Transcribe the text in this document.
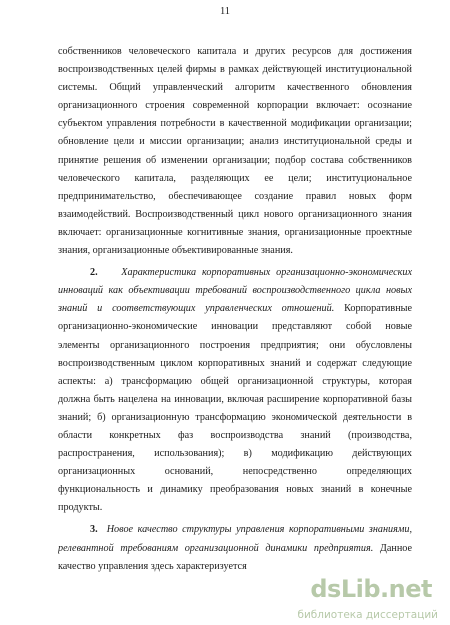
11
собственников человеческого капитала и других ресурсов для достижения
воспроизводственных целей фирмы в рамках действующей институциональной
системы. Общий управленческий алгоритм качественного обновления
организационного строения современной корпорации включает: осознание
субъектом управления потребности в качественной модификации организации;
обновление цели и миссии организации; анализ институциональной среды и
принятие решения об изменении организации; подбор состава собственников
человеческого капитала, разделяющих ее цели; институциональное
предпринимательство, обеспечивающее создание правил новых форм
взаимодействий. Воспроизводственный цикл нового организационного знания
включает: организационные когнитивные знания, организационные проектные
знания, организационные объективированные знания.
2. Характеристика корпоративных организационно-экономических
инноваций как объективации требований воспроизводственного цикла новых
знаний и соответствующих управленческих отношений. Корпоративные
организационно-экономические инновации представляют собой новые
элементы организационного построения предприятия; они обусловлены
воспроизводственным циклом корпоративных знаний и содержат следующие
аспекты: а) трансформацию общей организационной структуры, которая
должна быть нацелена на инновации, включая расширение корпоративной базы
знаний; б) организационную трансформацию экономической деятельности в
области конкретных фаз воспроизводства знаний (производства,
распространения, использования); в) модификацию действующих
организационных оснований, непосредственно определяющих
функциональность и динамику преобразования новых знаний в конечные
продукты.
3. Новое качество структуры управления корпоративными знаниями,
релевантной требованиям организационной динамики предприятия. Данное
качество управления здесь характеризуется
dsLib.net
библиотека диссертаций
